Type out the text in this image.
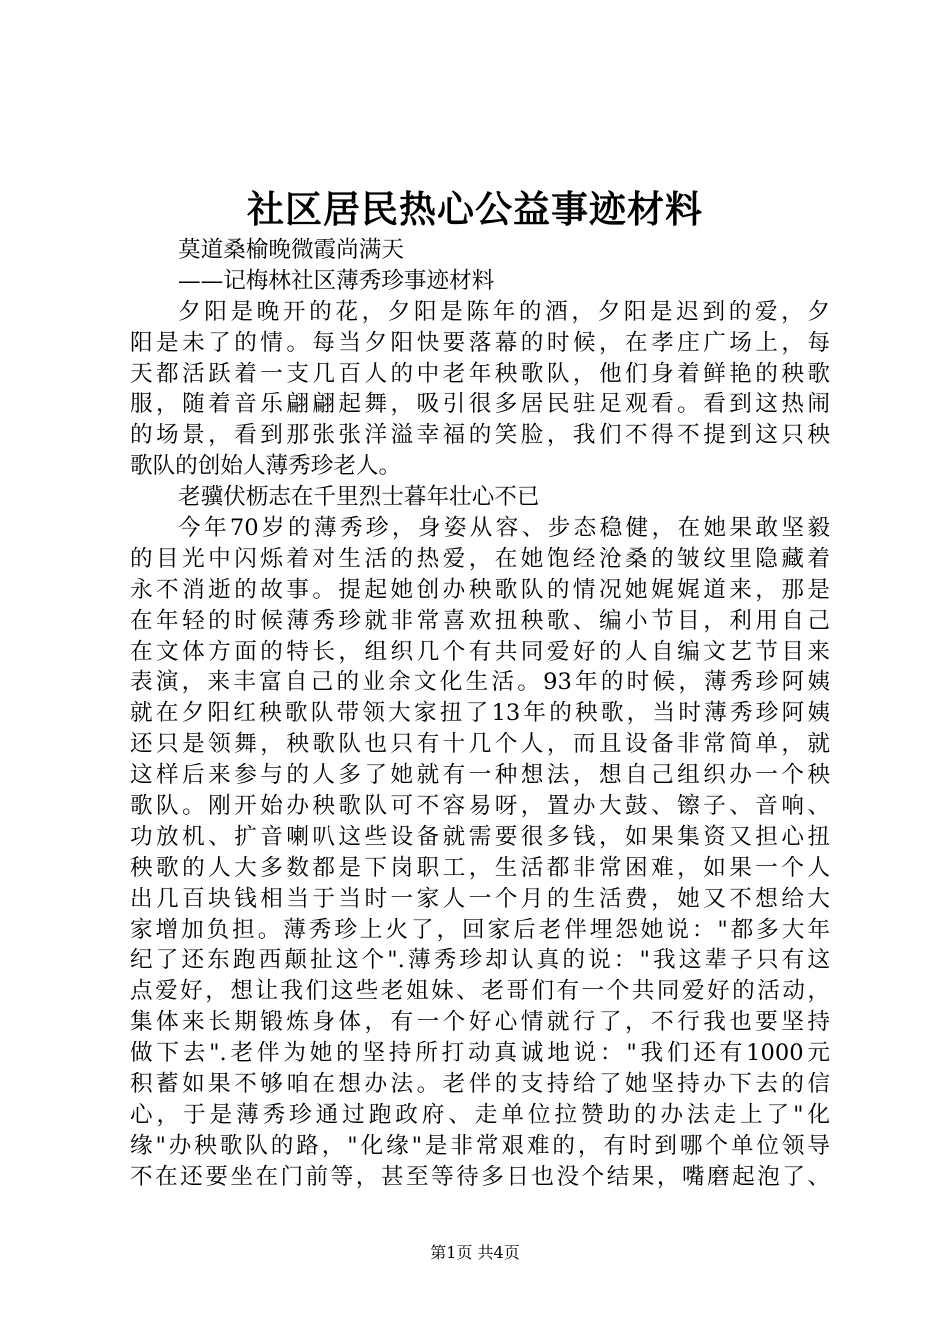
社区居民热心公益事迹材料
莫道桑榆晚微霞尚满天
——记梅林社区薄秀珍事迹材料
夕阳是晚开的花，夕阳是陈年的酒，夕阳是迟到的爱，夕
阳是未了的情。每当夕阳快要落幕的时候，在孝庄广场上，每
天都活跃着一支几百人的中老年秧歌队，他们身着鲜艳的秧歌
服，随着音乐翩翩起舞，吸引很多居民驻足观看。看到这热闹
的场景，看到那张张洋溢幸福的笑脸，我们不得不提到这只秧
歌队的创始人薄秀珍老人。
老骥伏枥志在千里烈士暮年壮心不已
今年70岁的薄秀珍，身姿从容、步态稳健，在她果敢坚毅
的目光中闪烁着对生活的热爱，在她饱经沧桑的皱纹里隐藏着
永不消逝的故事。提起她创办秧歌队的情况她娓娓道来，那是
在年轻的时候薄秀珍就非常喜欢扭秧歌、编小节目，利用自己
在文体方面的特长，组织几个有共同爱好的人自编文艺节目来
表演，来丰富自己的业余文化生活。93年的时候，薄秀珍阿姨
就在夕阳红秧歌队带领大家扭了13年的秧歌，当时薄秀珍阿姨
还只是领舞，秧歌队也只有十几个人，而且设备非常简单，就
这样后来参与的人多了她就有一种想法，想自己组织办一个秧
歌队。刚开始办秧歌队可不容易呀，置办大鼓、镲子、音响、
功放机、扩音喇叭这些设备就需要很多钱，如果集资又担心扭
秧歌的人大多数都是下岗职工，生活都非常困难，如果一个人
出几百块钱相当于当时一家人一个月的生活费，她又不想给大
家增加负担。薄秀珍上火了，回家后老伴埋怨她说："都多大年
纪了还东跑西颠扯这个".薄秀珍却认真的说："我这辈子只有这
点爱好，想让我们这些老姐妹、老哥们有一个共同爱好的活动，
集体来长期锻炼身体，有一个好心情就行了，不行我也要坚持
做下去".老伴为她的坚持所打动真诚地说："我们还有1000元
积蓄如果不够咱在想办法。老伴的支持给了她坚持办下去的信
心，于是薄秀珍通过跑政府、走单位拉赞助的办法走上了"化
缘"办秧歌队的路，"化缘"是非常艰难的，有时到哪个单位领导
不在还要坐在门前等，甚至等待多日也没个结果，嘴磨起泡了、
第1页 共4页
